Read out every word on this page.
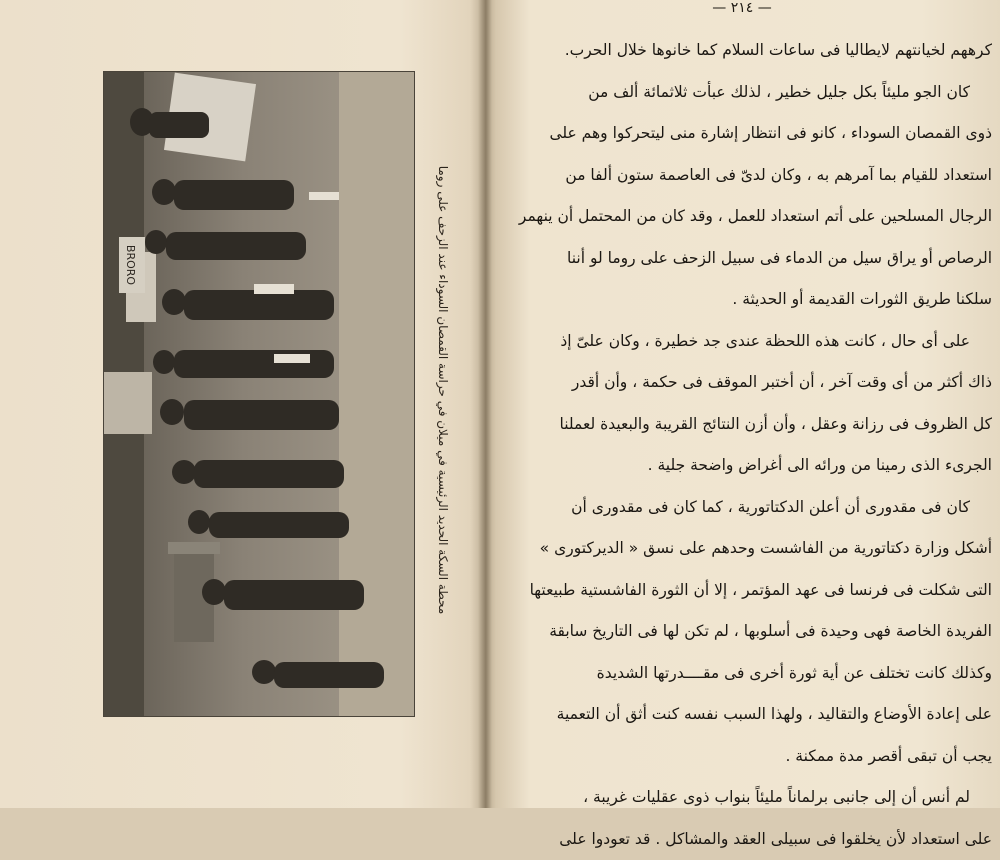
BRORO	محطة السكة الحديد الرئيسية في ميلان في حراسة القمصان السوداء عند الزحف على روما
— ٢١٤ —

كرههم لخيانتهم لايطاليا فى ساعات السلام كما خانوها خلال الحرب.

كان الجو مليئاً بكل جليل خطير ، لذلك عبأت ثلاثمائة ألف من

ذوى القمصان السوداء ، كانو فى انتظار إشارة منى ليتحركوا وهم على

استعداد للقيام بما آمرهم به ، وكان لدىّ فى العاصمة ستون ألفا من

الرجال المسلحين على أتم استعداد للعمل ، وقد كان من المحتمل أن ينهمر

الرصاص أو يراق سيل من الدماء فى سبيل الزحف على روما لو أننا

سلكنا طريق الثورات القديمة أو الحديثة .

على أى حال ، كانت هذه اللحظة عندى جد خطيرة ، وكان علىّ إذ

ذاك أكثر من أى وقت آخر ، أن أختبر الموقف فى حكمة ، وأن أقدر

كل الظروف فى رزانة وعقل ، وأن أزن النتائج القريبة والبعيدة لعملنا

الجرىء الذى رمينا من ورائه الى أغراض واضحة جلية .

كان فى مقدورى أن أعلن الدكتاتورية ، كما كان فى مقدورى أن

أشكل وزارة دكتاتورية من الفاشست وحدهم على نسق « الديركتورى »

التى شكلت فى فرنسا فى عهد المؤتمر ، إلا أن الثورة الفاشستية طبيعتها

الفريدة الخاصة فهى وحيدة فى أسلوبها ، لم تكن لها فى التاريخ سابقة

وكذلك كانت تختلف عن أية ثورة أخرى فى مقــــدرتها الشديدة

على إعادة الأوضاع والتقاليد ، ولهذا السبب نفسه كنت أثق أن التعمية

يجب أن تبقى أقصر مدة ممكنة .

لم أنس أن إلى جانبى برلماناً مليئاً بنواب ذوى عقليات غريبة ،

على استعداد لأن يخلقوا فى سبيلى العقد والمشاكل . قد تعودوا على
